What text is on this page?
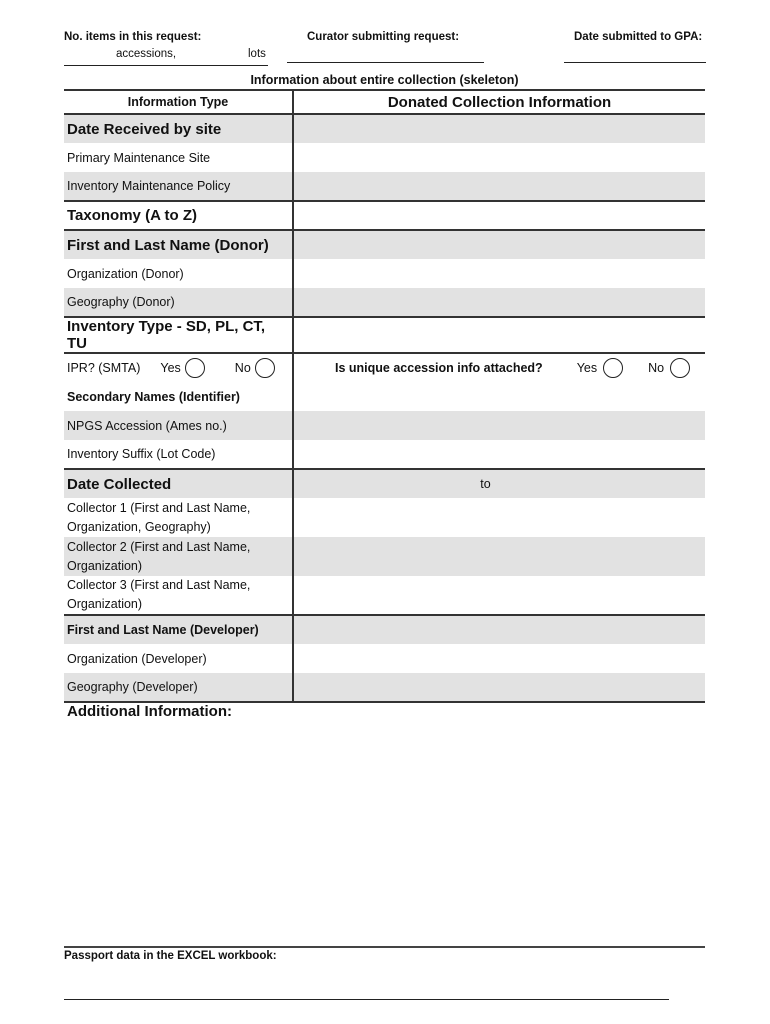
No. items in this request:
accessions,	lots
Curator submitting request:	Date submitted to GPA:
Information about entire collection (skeleton)
Information Type	Donated Collection Information
Date Received by site	
Primary Maintenance Site	
Inventory Maintenance Policy	
Taxonomy (A to Z)	
First and Last Name (Donor)	
Organization (Donor)	
Geography (Donor)	
Inventory Type - SD, PL, CT, TU	

IPR? (SMTA) Yes No	Is unique accession info attached? Yes No

Secondary Names (Identifier)	
NPGS Accession (Ames no.)	
Inventory Suffix (Lot Code)	
Date Collected	to

Collector 1 (First and Last Name, Organization, Geography)	
Collector 2 (First and Last Name, Organization)	
Collector 3 (First and Last Name, Organization)	
First and Last Name (Developer)	
Organization (Developer)	
Geography (Developer)	
Additional Information:
Passport data in the EXCEL workbook:
